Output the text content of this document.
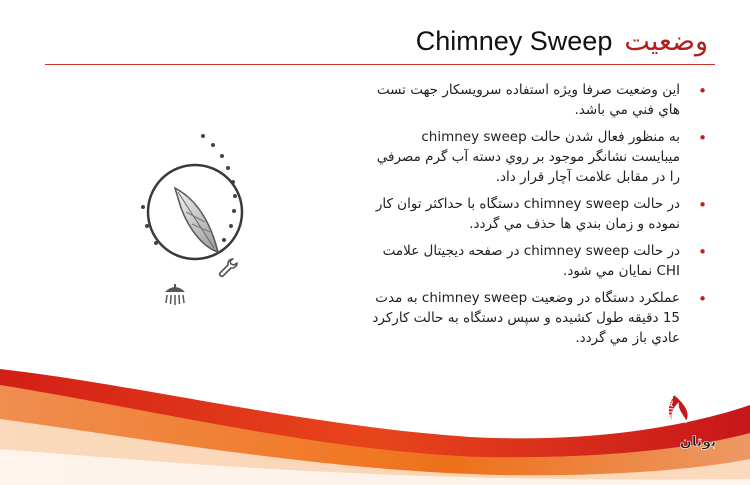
Chimney Sweep وضعيت
•
اين وضعيت صرفا ويژه استفاده سرويسكار جهت تست هاي فني مي باشد.
•
به منظور فعال شدن حالت chimney sweep ميبايست نشانگر موجود بر روي دسته آب گرم مصرفي را در مقابل علامت آچار قرار داد.
•
در حالت chimney sweep دستگاه با حداكثر توان كار نموده و زمان بندي ها حذف مي گردد.
•
در حالت chimney sweep در صفحه ديجيتال علامت CHI نمايان مي شود.
•
عملكرد دستگاه در وضعيت chimney sweep به مدت 15 دقيقه طول كشيده و سپس دستگاه به حالت كاركرد عادي باز مي گردد.
BUTANE
بوتان
